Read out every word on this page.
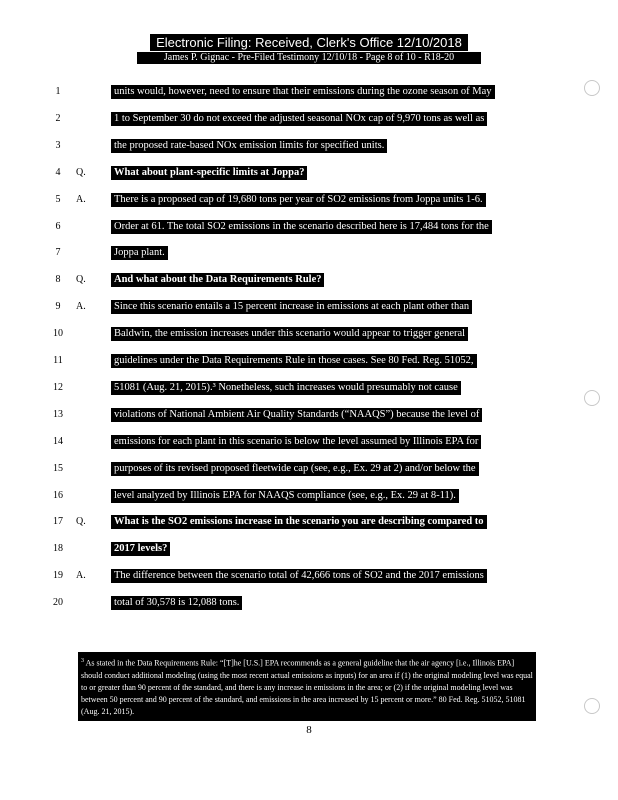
Electronic Filing: Received, Clerk's Office 12/10/2018
James P. Gignac - Pre-Filed Testimony 12/10/18 - Page 8 of 10 - R18-20
1	units would, however, need to ensure that their emissions during the ozone season of May
2	1 to September 30 do not exceed the adjusted seasonal NOx cap of 9,970 tons as well as
3	the proposed rate-based NOx emission limits for specified units.
4	Q.	What about plant-specific limits at Joppa?
5	A.	There is a proposed cap of 19,680 tons per year of SO2 emissions from Joppa units 1-6.
6	Order at 61. The total SO2 emissions in the scenario described here is 17,484 tons for the
7	Joppa plant.
8	Q.	And what about the Data Requirements Rule?
9	A.	Since this scenario entails a 15 percent increase in emissions at each plant other than
10	Baldwin, the emission increases under this scenario would appear to trigger general
11	guidelines under the Data Requirements Rule in those cases. See 80 Fed. Reg. 51052,
12	51081 (Aug. 21, 2015).³ Nonetheless, such increases would presumably not cause
13	violations of National Ambient Air Quality Standards (“NAAQS”) because the level of
14	emissions for each plant in this scenario is below the level assumed by Illinois EPA for
15	purposes of its revised proposed fleetwide cap (see, e.g., Ex. 29 at 2) and/or below the
16	level analyzed by Illinois EPA for NAAQS compliance (see, e.g., Ex. 29 at 8-11).
17	Q.	What is the SO2 emissions increase in the scenario you are describing compared to
18	2017 levels?
19	A.	The difference between the scenario total of 42,666 tons of SO2 and the 2017 emissions
20	total of 30,578 is 12,088 tons.
$^3$ As stated in the Data Requirements Rule: “[T]he [U.S.] EPA recommends as a general guideline that the air agency [i.e., Illinois EPA] should conduct additional modeling (using the most recent actual emissions as inputs) for an area if (1) the original modeling level was equal to or greater than 90 percent of the standard, and there is any increase in emissions in the area; or (2) if the original modeling level was between 50 percent and 90 percent of the standard, and emissions in the area increased by 15 percent or more.” 80 Fed. Reg. 51052, 51081 (Aug. 21, 2015).
8
